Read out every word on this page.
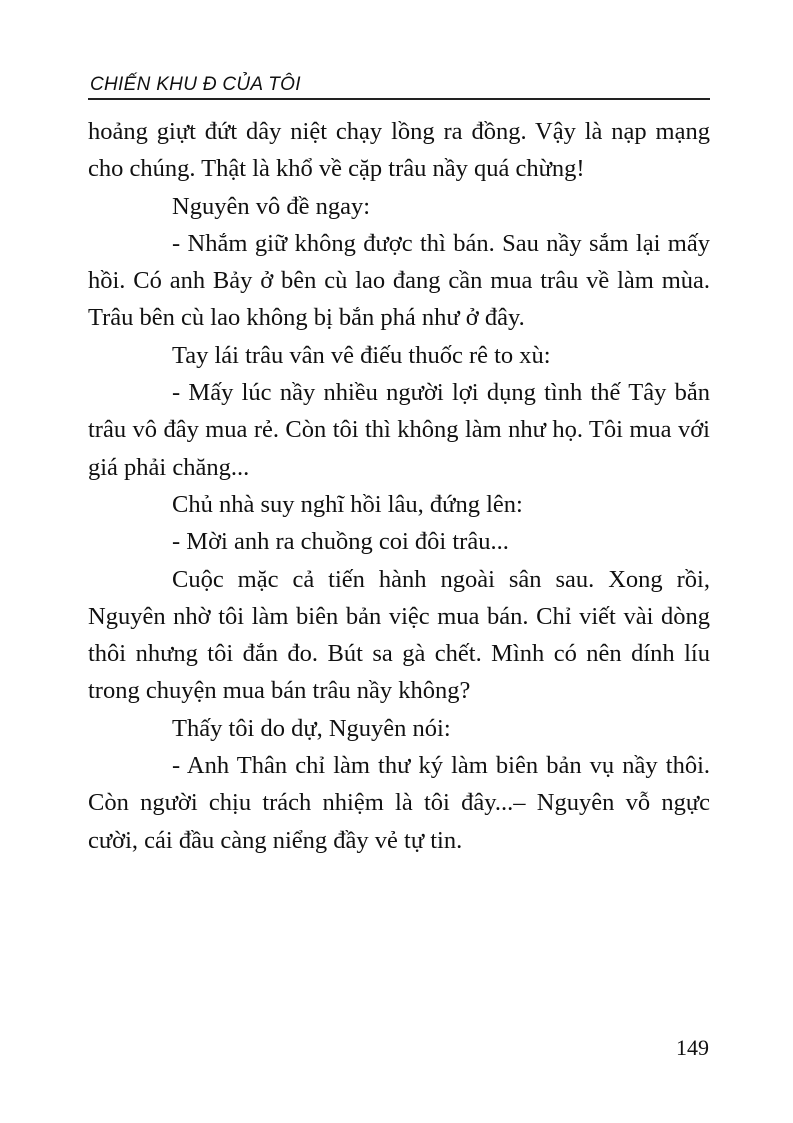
CHIẾN KHU Đ CỦA TÔI

hoảng giựt đứt dây niệt chạy lồng ra đồng. Vậy là nạp mạng cho chúng. Thật là khổ về cặp trâu nầy quá chừng!

Nguyên vô đề ngay:

- Nhắm giữ không được thì bán. Sau nầy sắm lại mấy hồi. Có anh Bảy ở bên cù lao đang cần mua trâu về làm mùa. Trâu bên cù lao không bị bắn phá như ở đây.

Tay lái trâu vân vê điếu thuốc rê to xù:

- Mấy lúc nầy nhiều người lợi dụng tình thế Tây bắn trâu vô đây mua rẻ. Còn tôi thì không làm như họ. Tôi mua với giá phải chăng...

Chủ nhà suy nghĩ hồi lâu, đứng lên:

- Mời anh ra chuồng coi đôi trâu...

Cuộc mặc cả tiến hành ngoài sân sau. Xong rồi, Nguyên nhờ tôi làm biên bản việc mua bán. Chỉ viết vài dòng thôi nhưng tôi đắn đo. Bút sa gà chết. Mình có nên dính líu trong chuyện mua bán trâu nầy không?

Thấy tôi do dự, Nguyên nói:

- Anh Thân chỉ làm thư ký làm biên bản vụ nầy thôi. Còn người chịu trách nhiệm là tôi đây...– Nguyên vỗ ngực cười, cái đầu càng niểng đầy vẻ tự tin.

149
